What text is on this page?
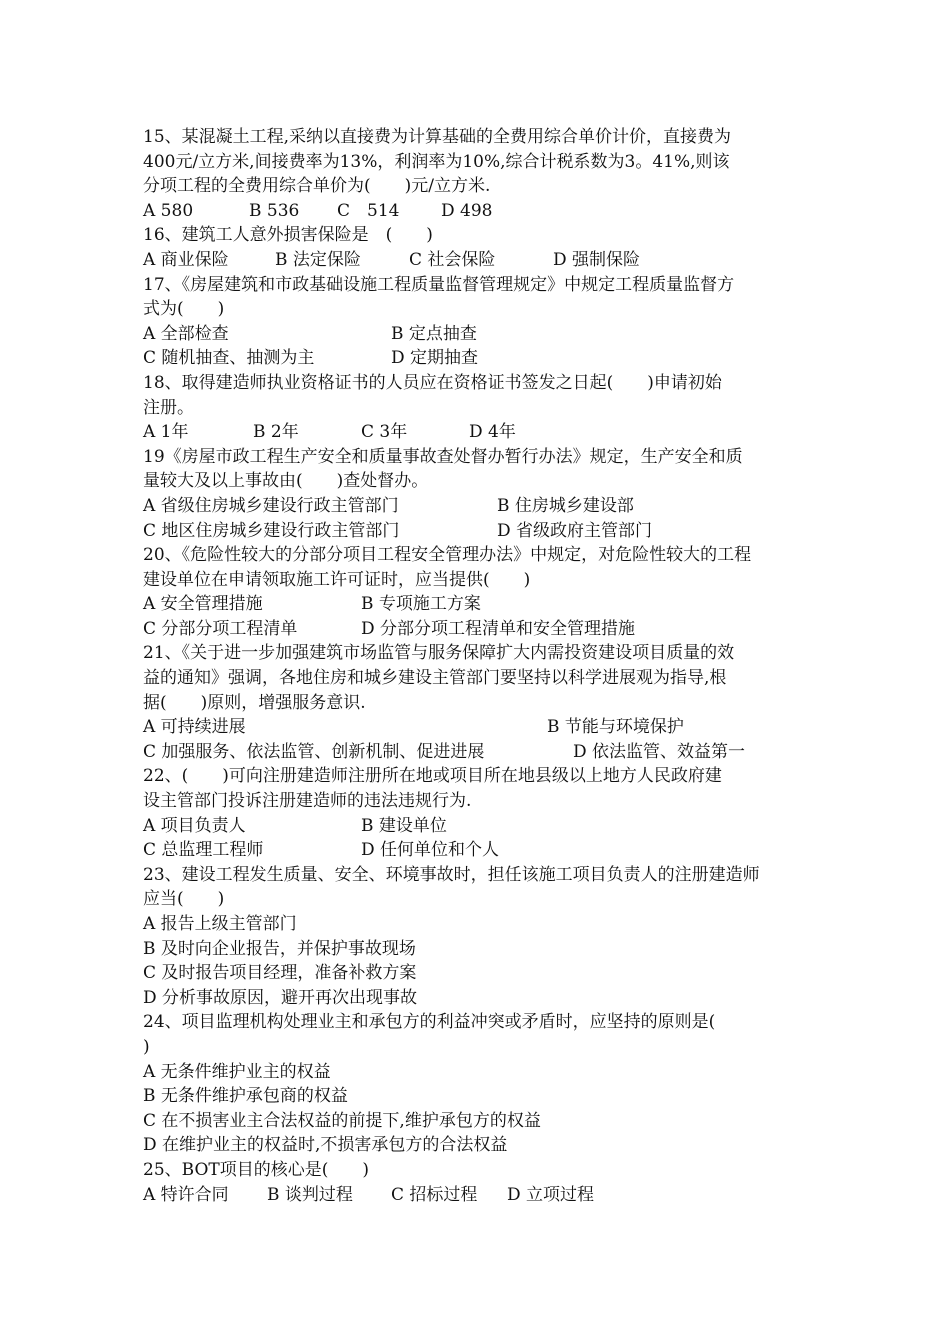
15、某混凝土工程,采纳以直接费为计算基础的全费用综合单价计价，直接费为
400元/立方米,间接费率为13%，利润率为10%,综合计税系数为3。41%,则该
分项工程的全费用综合单价为(　　)元/立方米.
A 580	B 536	C　514	D 498
16、建筑工人意外损害保险是　(　　)
A 商业保险	B 法定保险	C 社会保险	D 强制保险
17、《房屋建筑和市政基础设施工程质量监督管理规定》中规定工程质量监督方
式为(　　)
A 全部检查	B 定点抽查
C 随机抽查、抽测为主	D 定期抽查
18、取得建造师执业资格证书的人员应在资格证书签发之日起(　　)申请初始
注册。
A 1年	B 2年	C 3年	D 4年
19《房屋市政工程生产安全和质量事故查处督办暂行办法》规定，生产安全和质
量较大及以上事故由(　　)查处督办。
A 省级住房城乡建设行政主管部门	B 住房城乡建设部
C 地区住房城乡建设行政主管部门	D 省级政府主管部门
20、《危险性较大的分部分项目工程安全管理办法》中规定，对危险性较大的工程
建设单位在申请领取施工许可证时，应当提供(　　)
A 安全管理措施	B 专项施工方案
C 分部分项工程清单	D 分部分项工程清单和安全管理措施
21、《关于进一步加强建筑市场监管与服务保障扩大内需投资建设项目质量的效
益的通知》强调，各地住房和城乡建设主管部门要坚持以科学进展观为指导,根
据(　　)原则，增强服务意识.
A 可持续进展	B 节能与环境保护
C 加强服务、依法监管、创新机制、促进进展	D 依法监管、效益第一
22、(　　)可向注册建造师注册所在地或项目所在地县级以上地方人民政府建
设主管部门投诉注册建造师的违法违规行为.
A 项目负责人	B 建设单位
C 总监理工程师	D 任何单位和个人
23、建设工程发生质量、安全、环境事故时，担任该施工项目负责人的注册建造师
应当(　　)
A 报告上级主管部门
B 及时向企业报告，并保护事故现场
C 及时报告项目经理，准备补救方案
D 分析事故原因，避开再次出现事故
24、项目监理机构处理业主和承包方的利益冲突或矛盾时，应坚持的原则是(
)
A 无条件维护业主的权益
B 无条件维护承包商的权益
C 在不损害业主合法权益的前提下,维护承包方的权益
D 在维护业主的权益时,不损害承包方的合法权益
25、BOT项目的核心是(　　)
A 特许合同	B 谈判过程	C 招标过程	D 立项过程
